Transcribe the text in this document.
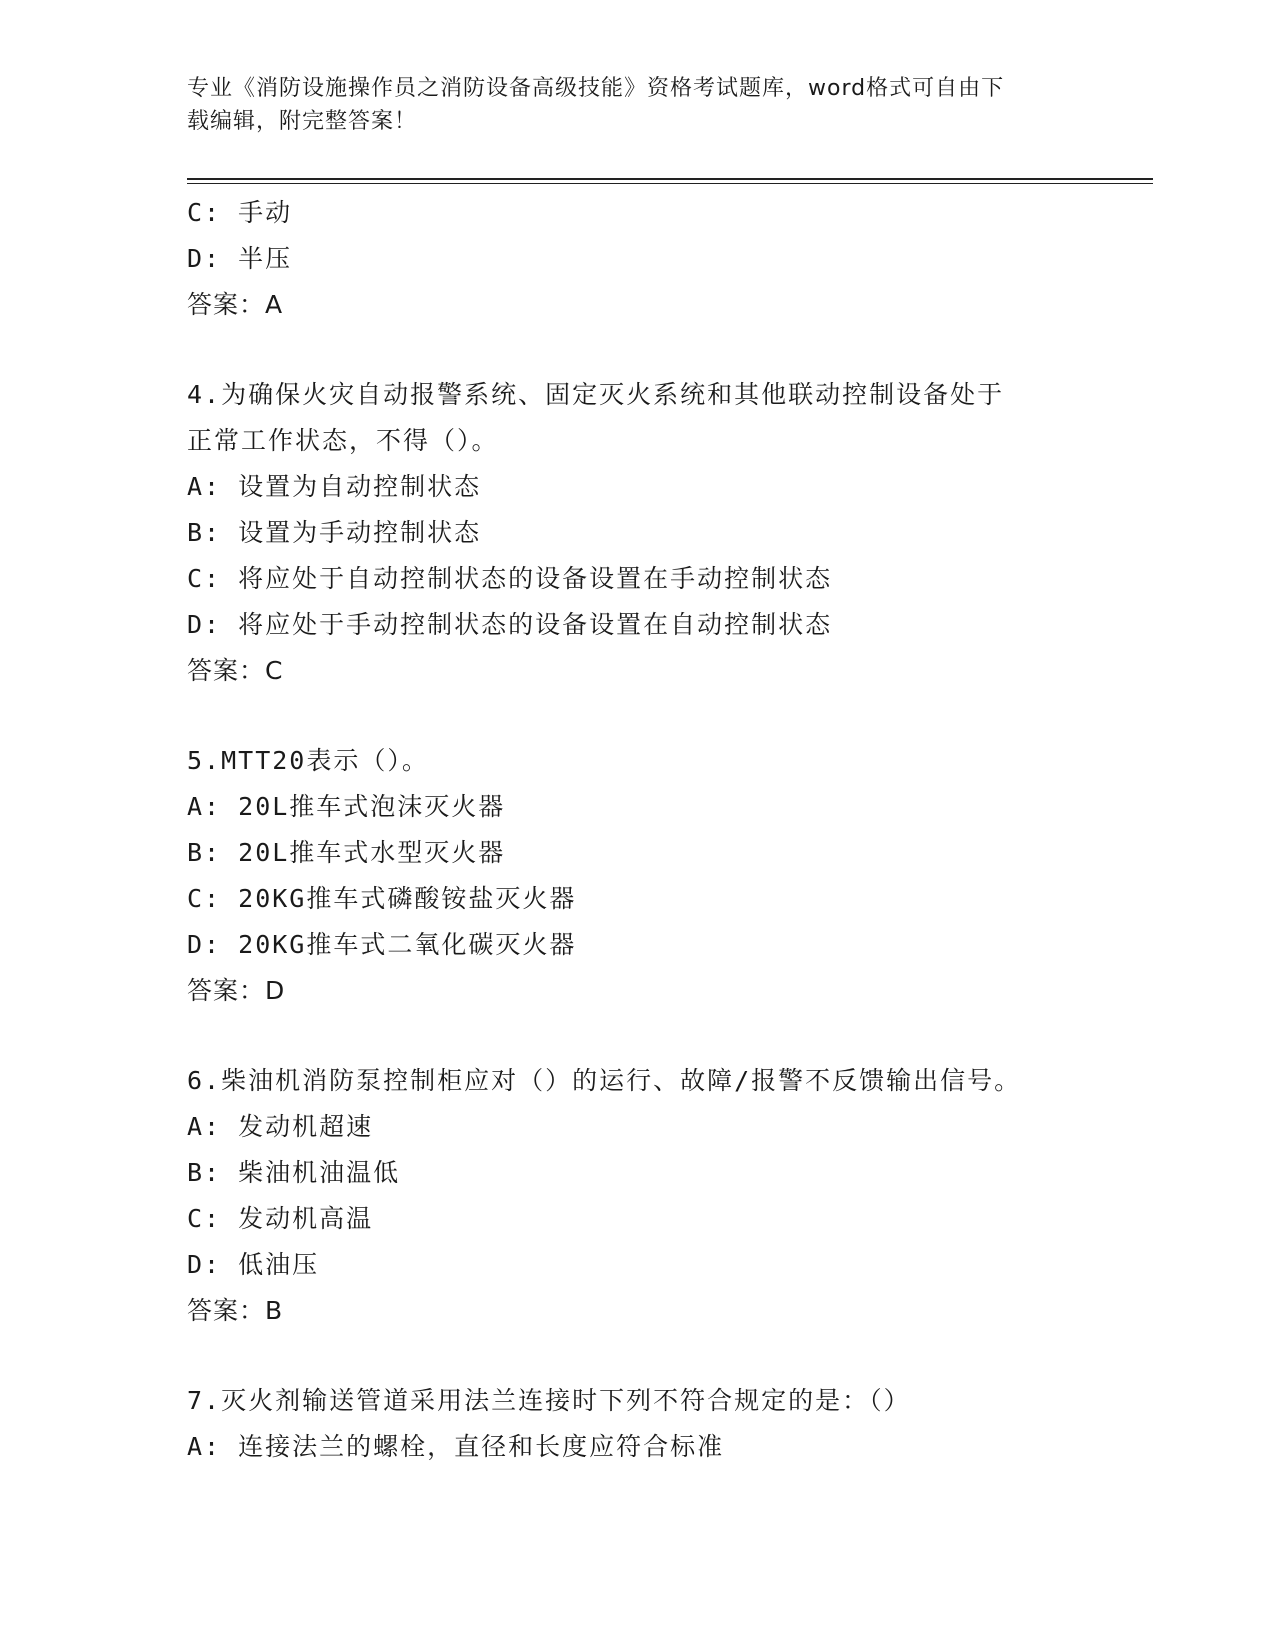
专业《消防设施操作员之消防设备高级技能》资格考试题库，word格式可自由下
载编辑，附完整答案！
C: 手动
D: 半压
答案：A
4.为确保火灾自动报警系统、固定灭火系统和其他联动控制设备处于
正常工作状态，不得（）。
A: 设置为自动控制状态
B: 设置为手动控制状态
C: 将应处于自动控制状态的设备设置在手动控制状态
D: 将应处于手动控制状态的设备设置在自动控制状态
答案：C
5.MTT20表示（）。
A: 20L推车式泡沫灭火器
B: 20L推车式水型灭火器
C: 20KG推车式磷酸铵盐灭火器
D: 20KG推车式二氧化碳灭火器
答案：D
6.柴油机消防泵控制柜应对（）的运行、故障/报警不反馈输出信号。
A: 发动机超速
B: 柴油机油温低
C: 发动机高温
D: 低油压
答案：B
7.灭火剂输送管道采用法兰连接时下列不符合规定的是：（）
A: 连接法兰的螺栓，直径和长度应符合标准
